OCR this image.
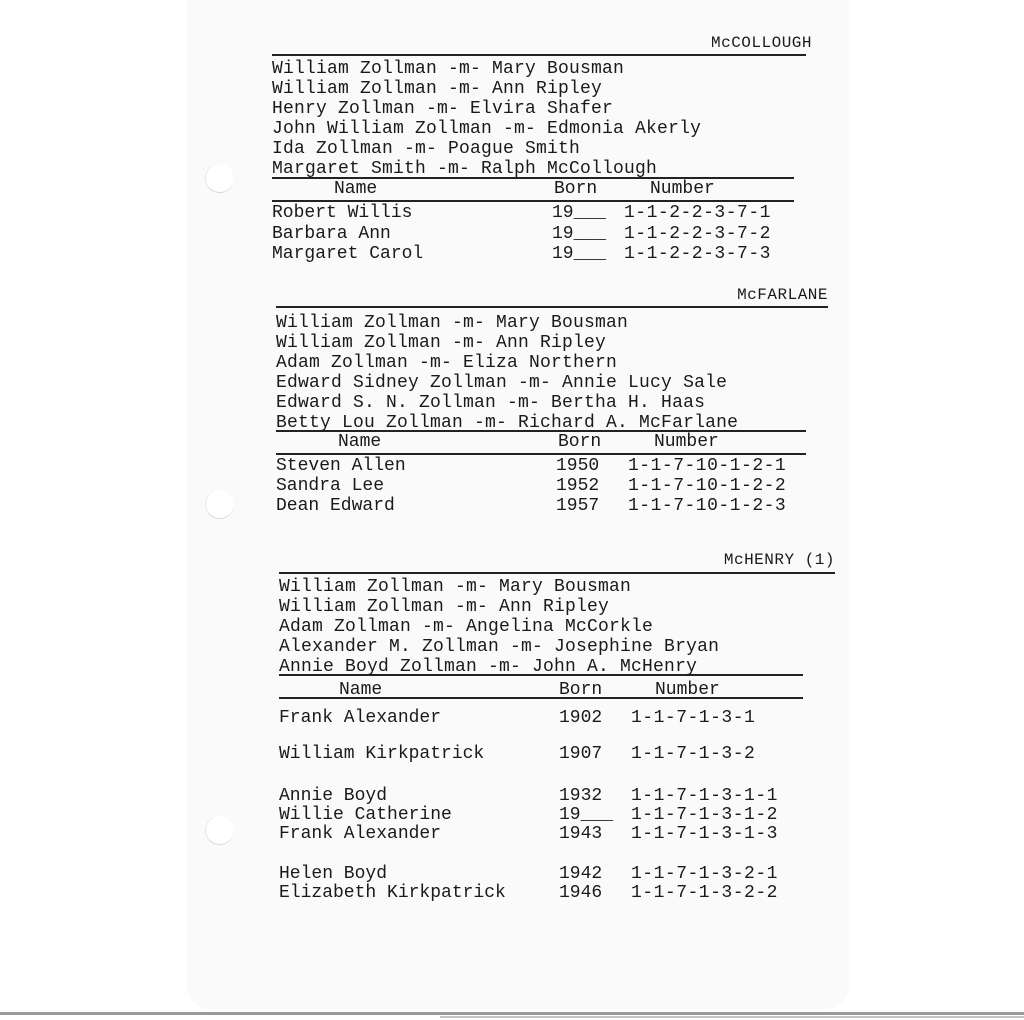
McCOLLOUGH
William Zollman -m- Mary Bousman
William Zollman -m- Ann Ripley
Henry Zollman -m- Elvira Shafer
John William Zollman -m- Edmonia Akerly
Ida Zollman -m- Poague Smith
Margaret Smith -m- Ralph McCollough
Name	Born	Number
Robert Willis	19___ 1-1-2-2-3-7-1
Barbara Ann	19___ 1-1-2-2-3-7-2
Margaret Carol	19___ 1-1-2-2-3-7-3
McFARLANE
William Zollman -m- Mary Bousman
William Zollman -m- Ann Ripley
Adam Zollman -m- Eliza Northern
Edward Sidney Zollman -m- Annie Lucy Sale
Edward S. N. Zollman -m- Bertha H. Haas
Betty Lou Zollman -m- Richard A. McFarlane
Name	Born	Number
Steven Allen	1950 1-1-7-10-1-2-1
Sandra Lee	1952 1-1-7-10-1-2-2
Dean Edward	1957 1-1-7-10-1-2-3
McHENRY (1)
William Zollman -m- Mary Bousman
William Zollman -m- Ann Ripley
Adam Zollman -m- Angelina McCorkle
Alexander M. Zollman -m- Josephine Bryan
Annie Boyd Zollman -m- John A. McHenry
Name	Born	Number
Frank Alexander	1902 1-1-7-1-3-1
William Kirkpatrick	1907 1-1-7-1-3-2
Annie Boyd	1932 1-1-7-1-3-1-1
Willie Catherine	19___ 1-1-7-1-3-1-2
Frank Alexander	1943 1-1-7-1-3-1-3
Helen Boyd	1942 1-1-7-1-3-2-1
Elizabeth Kirkpatrick	1946 1-1-7-1-3-2-2
